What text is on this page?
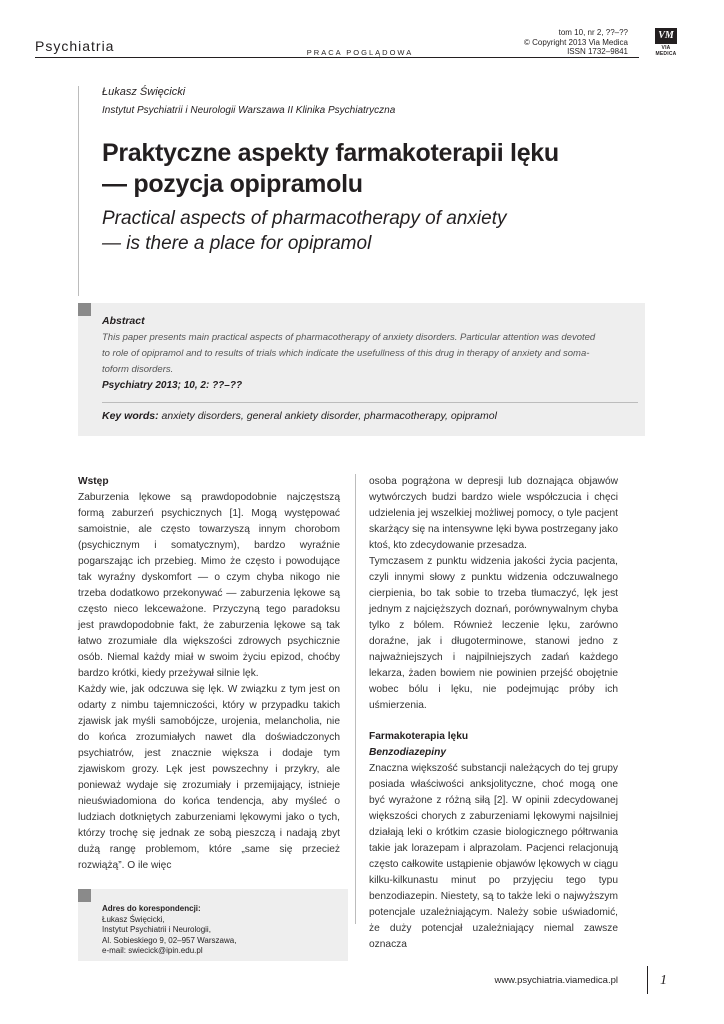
Psychiatria	PRACA POGLĄDOWA
tom 10, nr 2, ??–??
© Copyright 2013 Via Medica
ISSN 1732–9841
VM
VIA MEDICA
Łukasz Święcicki
Instytut Psychiatrii i Neurologii Warszawa II Klinika Psychiatryczna
Praktyczne aspekty farmakoterapii lęku
— pozycja opipramolu
Practical aspects of pharmacotherapy of anxiety
— is there a place for opipramol
Abstract
This paper presents main practical aspects of pharmacotherapy of anxiety disorders. Particular attention was devoted
to role of opipramol and to results of trials which indicate the usefullness of this drug in therapy of anxiety and soma-
toform disorders.
Psychiatry 2013; 10, 2: ??–??
Key words: anxiety disorders, general ankiety disorder, pharmacotherapy, opipramol
Wstęp

Zaburzenia lękowe są prawdopodobnie najczęstszą formą zaburzeń psychicznych [1]. Mogą występować samoistnie, ale często towarzyszą innym chorobom (psychicznym i somatycznym), bardzo wyraźnie pogarszając ich przebieg. Mimo że często i powodujące tak wyraźny dyskomfort — o czym chyba nikogo nie trzeba dodatkowo przekonywać — zaburzenia lękowe są często nieco lekceważone. Przyczyną tego paradoksu jest prawdopodobnie fakt, że zaburzenia lękowe są tak łatwo zrozumiałe dla większości zdrowych psychicznie osób. Niemal każdy miał w swoim życiu epizod, choćby bardzo krótki, kiedy przeżywał silnie lęk.

Każdy wie, jak odczuwa się lęk. W związku z tym jest on odarty z nimbu tajemniczości, który w przypadku takich zjawisk jak myśli samobójcze, urojenia, melancholia, nie do końca zrozumiałych nawet dla doświadczonych psychiatrów, jest znacznie większa i dodaje tym zjawiskom grozy. Lęk jest powszechny i przykry, ale ponieważ wydaje się zrozumiały i przemijający, istnieje nieuświadomiona do końca tendencja, aby myśleć o ludziach dotkniętych zaburzeniami lękowymi jako o tych, którzy trochę się jednak ze sobą pieszczą i nadają zbyt dużą rangę problemom, które „same się przecież rozwiążą”. O ile więc

osoba pogrążona w depresji lub doznająca objawów wytwórczych budzi bardzo wiele współczucia i chęci udzielenia jej wszelkiej możliwej pomocy, o tyle pacjent skarżący się na intensywne lęki bywa postrzegany jako ktoś, kto zdecydowanie przesadza.

Tymczasem z punktu widzenia jakości życia pacjenta, czyli innymi słowy z punktu widzenia odczuwalnego cierpienia, bo tak sobie to trzeba tłumaczyć, lęk jest jednym z najcięższych doznań, porównywalnym chyba tylko z bólem. Również leczenie lęku, zarówno doraźne, jak i długoterminowe, stanowi jedno z najważniejszych i najpilniejszych zadań każdego lekarza, żaden bowiem nie powinien przejść obojętnie wobec bólu i lęku, nie podejmując próby ich uśmierzenia.

Farmakoterapia lęku
Benzodiazepiny

Znaczna większość substancji należących do tej grupy posiada właściwości anksjolityczne, choć mogą one być wyrażone z różną siłą [2]. W opinii zdecydowanej większości chorych z zaburzeniami lękowymi najsilniej działają leki o krótkim czasie biologicznego półtrwania takie jak lorazepam i alprazolam. Pacjenci relacjonują często całkowite ustąpienie objawów lękowych w ciągu kilku-kilkunastu minut po przyjęciu tego typu benzodiazepin. Niestety, są to także leki o najwyższym potencjale uzależniającym. Należy sobie uświadomić, że duży potencjał uzależniający niemal zawsze oznacza

Adres do korespondencji:
Łukasz Święcicki,
Instytut Psychiatrii i Neurologii,
Al. Sobieskiego 9, 02–957 Warszawa,
e-mail: swiecick@ipin.edu.pl
www.psychiatria.viamedica.pl	1
